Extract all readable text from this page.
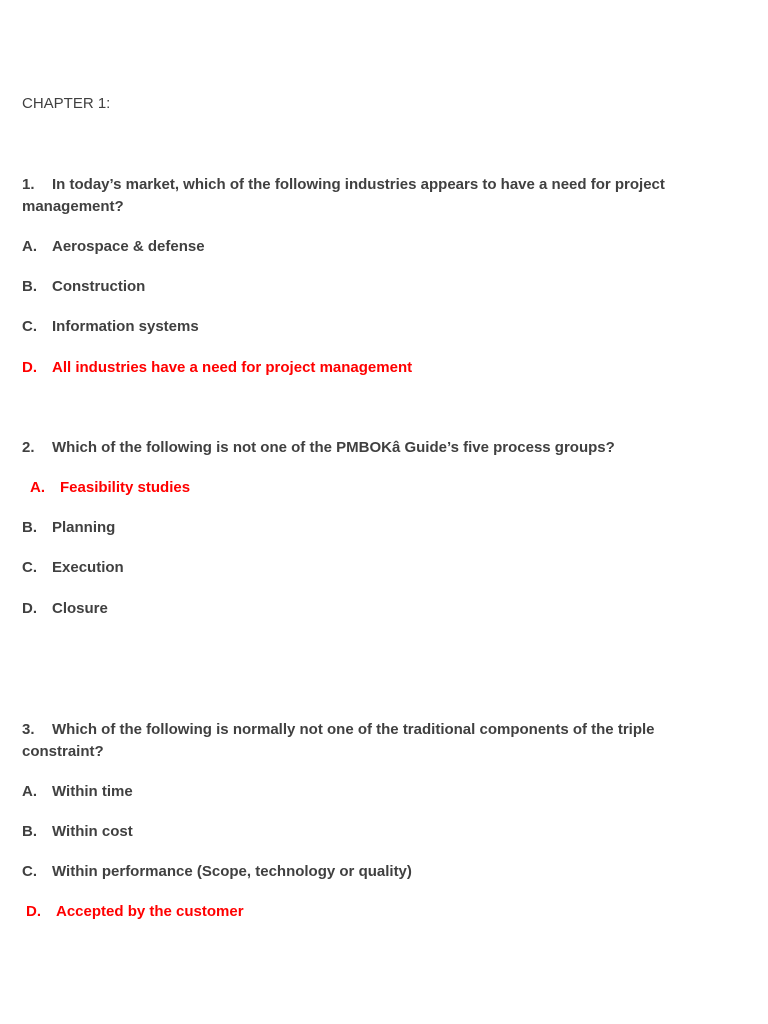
CHAPTER 1:
1. In today’s market, which of the following industries appears to have a need for project management?
A. Aerospace & defense
B. Construction
C. Information systems
D. All industries have a need for project management
2. Which of the following is not one of the PMBOKâ Guide’s five process groups?
A. Feasibility studies
B. Planning
C. Execution
D. Closure
3. Which of the following is normally not one of the traditional components of the triple constraint?
A. Within time
B. Within cost
C. Within performance (Scope, technology or quality)
D. Accepted by the customer
